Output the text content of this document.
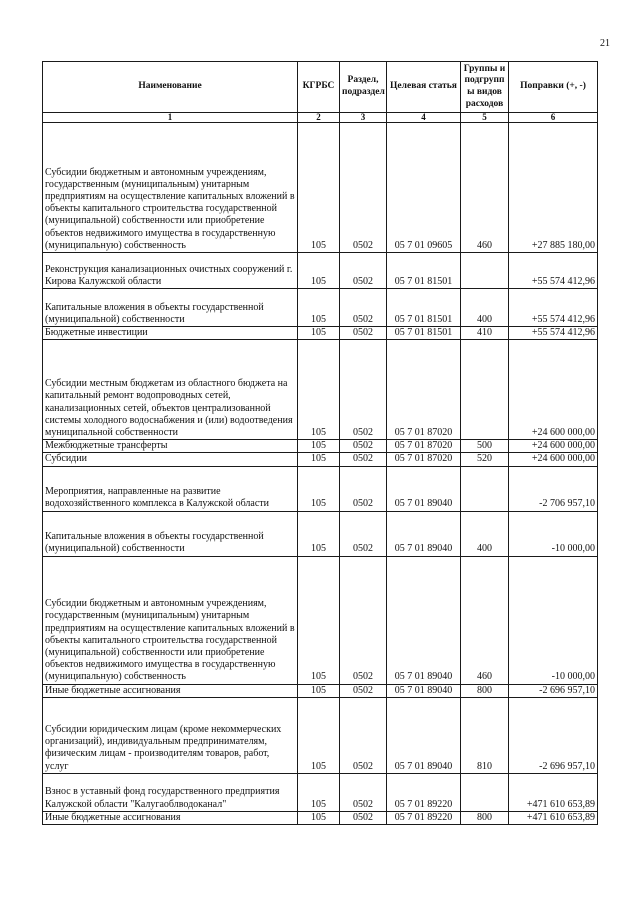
21
Наименование	КГРБС	Раздел, подраздел	Целевая статья	Группы и подгрупп ы видов расходов	Поправки (+, -)
1	2	3	4	5	6
Субсидии бюджетным и автономным учреждениям, государственным (муниципальным) унитарным предприятиям на осуществление капитальных вложений в объекты капитального строительства государственной (муниципальной) собственности или приобретение объектов недвижимого имущества в государственную (муниципальную) собственность	105	0502	05 7 01 09605	460	+27 885 180,00
Реконструкция канализационных очистных сооружений г. Кирова Калужской области	105	0502	05 7 01 81501		+55 574 412,96
Капитальные вложения в объекты государственной (муниципальной) собственности	105	0502	05 7 01 81501	400	+55 574 412,96
Бюджетные инвестиции	105	0502	05 7 01 81501	410	+55 574 412,96
Субсидии местным бюджетам из областного бюджета на капитальный ремонт водопроводных сетей, канализационных сетей, объектов централизованной системы холодного водоснабжения и (или) водоотведения муниципальной собственности	105	0502	05 7 01 87020		+24 600 000,00
Межбюджетные трансферты	105	0502	05 7 01 87020	500	+24 600 000,00
Субсидии	105	0502	05 7 01 87020	520	+24 600 000,00
Мероприятия, направленные на развитие водохозяйственного комплекса в Калужской области	105	0502	05 7 01 89040		-2 706 957,10
Капитальные вложения в объекты государственной (муниципальной) собственности	105	0502	05 7 01 89040	400	-10 000,00
Субсидии бюджетным и автономным учреждениям, государственным (муниципальным) унитарным предприятиям на осуществление капитальных вложений в объекты капитального строительства государственной (муниципальной) собственности или приобретение объектов недвижимого имущества в государственную (муниципальную) собственность	105	0502	05 7 01 89040	460	-10 000,00
Иные бюджетные ассигнования	105	0502	05 7 01 89040	800	-2 696 957,10
Субсидии юридическим лицам (кроме некоммерческих организаций), индивидуальным предпринимателям, физическим лицам - производителям товаров, работ, услуг	105	0502	05 7 01 89040	810	-2 696 957,10
Взнос в уставный фонд государственного предприятия Калужской области "Калугаоблводоканал"	105	0502	05 7 01 89220		+471 610 653,89
Иные бюджетные ассигнования	105	0502	05 7 01 89220	800	+471 610 653,89
